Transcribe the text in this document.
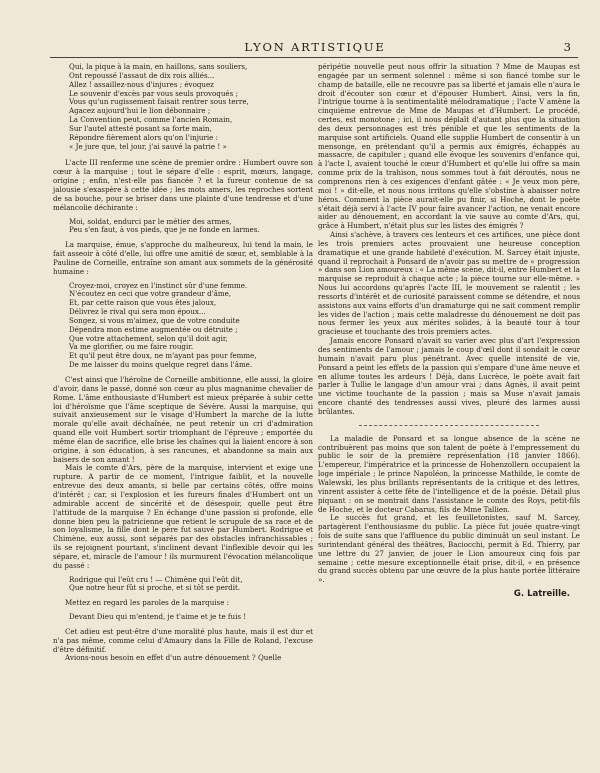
LYON ARTISTIQUE	3

Qui, la pique à la main, en haillons, sans souliers,

Ont repoussé l'assaut de dix rois alliés...

Allez ! assaillez-nous d'injures ; évoquez

Le souvenir d'excès par vous seuls provoqués ;

Vous qu'un rugissement faisait rentrer sous terre,

Agacez aujourd'hui le lion débonnaire ;

La Convention peut, comme l'ancien Romain,

Sur l'autel attesté posant sa forte main,

Répondre fièrement alors qu'on l'injurie :

« Je jure que, tel jour, j'ai sauvé la patrie ! »

L'acte III renferme une scène de premier ordre : Humbert ouvre son cœur à la marquise ; tout le sépare d'elle : esprit, mœurs, langage, origine ; enfin, n'est-elle pas fiancée ? et la fureur contenue de sa jalousie s'exaspère à cette idée ; les mots amers, les reproches sortent de sa bouche, pour se briser dans une plainte d'une tendresse et d'une mélancolie déchirante :

Moi, soldat, endurci par le métier des armes,

Peu s'en faut, à vos pieds, que je ne fonde en larmes.

La marquise, émue, s'approche du malheureux, lui tend la main, le fait asseoir à côté d'elle, lui offre une amitié de sœur, et, semblable à la Pauline de Corneille, entraîne son amant aux sommets de la générosité humaine :

Croyez-moi, croyez en l'instinct sûr d'une femme.

N'écoutez en ceci que votre grandeur d'âme,

Et, par cette raison que vous êtes jaloux,

Délivrez le rival qui sera mon époux...

Songez, si vous m'aimez, que de votre conduite

Dépendra mon estime augmentée ou détruite ;

Que votre attachement, selon qu'il doit agir,

Va me glorifier, ou me faire rougir.

Et qu'il peut être doux, ne m'ayant pas pour femme,

De me laisser du moins quelque regret dans l'âme.

C'est ainsi que l'héroïne de Corneille ambitionne, elle aussi, la gloire d'avoir, dans le passé, donné son cœur au plus magnanime chevalier de Rome. L'âme enthousiaste d'Humbert est mieux préparée à subir cette loi d'héroïsme que l'âme sceptique de Sévère. Aussi la marquise, qui suivait anxieusement sur le visage d'Humbert la marche de la lutte morale qu'elle avait déchaînée, ne peut retenir un cri d'admiration quand elle voit Humbert sortir triomphant de l'épreuve ; emportée du même élan de sacrifice, elle brise les chaînes qui la liaient encore à son origine, à son éducation, à ses rancunes, et abandonne sa main aux baisers de son amant !

Mais le comte d'Ars, père de la marquise, intervient et exige une rupture. A partir de ce moment, l'intrigue faiblit, et la nouvelle entrevue des deux amants, si belle par certains côtés, offre moins d'intérêt ; car, si l'explosion et les fureurs finales d'Humbert ont un admirable accent de sincérité et de désespoir, quelle peut être l'attitude de la marquise ? En échange d'une passion si profonde, elle donne bien peu la patricienne que retient le scrupule de sa race et de son loyalisme, la fille dont le père fut sauvé par Humbert. Rodrigue et Chimène, eux aussi, sont séparés par des obstacles infranchissables ; ils se rejoignent pourtant, s'inclinent devant l'inflexible devoir qui les sépare, et, miracle de l'amour ! ils murmurent l'évocation mélancolique du passé :

Rodrigue qui l'eût cru ! — Chimène qui l'eût dit,

Que notre heur fût si proche, et si tôt se perdit.

Mettez en regard les paroles de la marquise :

Devant Dieu qui m'entend, je t'aime et je te fuis !

Cet adieu est peut-être d'une moralité plus haute, mais il est dur et n'a pas même, comme celui d'Amaury dans la Fille de Roland, l'excuse d'être définitif.

Avions-nous besoin en effet d'un autre dénouement ? Quelle

péripétie nouvelle peut nous offrir la situation ? Mme de Maupas est engagée par un serment solennel : même si son fiancé tombe sur le champ de bataille, elle ne recouvre pas sa liberté et jamais elle n'aura le droit d'écouter son cœur et d'épouser Humbert. Ainsi, vers la fin, l'intrigue tourne à la sentimentalité mélodramatique ; l'acte V amène la cinquième entrevue de Mme de Maupas et d'Humbert. Le procédé, certes, est monotone ; ici, il nous déplaît d'autant plus que la situation des deux personnages est très pénible et que les sentiments de la marquise sont artificiels. Quand elle supplie Humbert de consentir à un mensonge, en prétendant qu'il a permis aux émigrés, échappés au massacre, de capituler ; quand elle évoque les souvenirs d'enfance qui, à l'acte I, avaient touché le cœur d'Humbert et qu'elle lui offre sa main comme prix de la trahison, nous sommes tout à fait déroutés, nous ne comprenons rien à ces exigences d'enfant gâtée : « Je veux mon père, moi ! » dit-elle, et nous nous irritons qu'elle s'obstine à abaisser notre héros. Comment la pièce aurait-elle pu finir, si Hoche, dont le poète s'était déjà servi à l'acte IV pour faire avancer l'action, ne venait encore aider au dénouement, en accordant la vie sauve au comte d'Ars, qui, grâce à Humbert, n'était plus sur les listes des émigrés ?

Ainsi s'achève, à travers ces lenteurs et ces artifices, une pièce dont les trois premiers actes prouvaient une heureuse conception dramatique et une grande habileté d'exécution. M. Sarcey était injuste, quand il reprochait à Ponsard de n'avoir pas su mettre de « progression » dans son Lion amoureux : « La même scène, dit-il, entre Humbert et la marquise se reproduit à chaque acte ; la pièce tourne sur elle-même. » Nous lui accordons qu'après l'acte III, le mouvement se ralentit ; les ressorts d'intérêt et de curiosité paraissent comme se détendre, et nous assistons aux vains efforts d'un dramaturge qui ne sait comment remplir les vides de l'action ; mais cette maladresse du dénouement ne doit pas nous fermer les yeux aux mérites solides, à la beauté tour à tour gracieuse et touchante des trois premiers actes.

Jamais encore Ponsard n'avait su varier avec plus d'art l'expression des sentiments de l'amour ; jamais le coup d'œil dont il sondait le cœur humain n'avait paru plus pénétrant. Avec quelle intensité de vie, Ponsard a peint les effets de la passion qui s'empare d'une âme neuve et en allume toutes les ardeurs ! Déjà, dans Lucrèce, le poète avait fait parler à Tullie le langage d'un amour vrai ; dans Agnès, il avait peint une victime touchante de la passion ; mais sa Muse n'avait jamais encore chanté des tendresses aussi vives, pleuré des larmes aussi brûlantes.

La maladie de Ponsard et sa longue absence de la scène ne contribuèrent pas moins que son talent de poète à l'empressement du public le soir de la première représentation (18 janvier 1866). L'empereur, l'impératrice et la princesse de Hohenzollern occupaient la loge impériale ; le prince Napoléon, la princesse Mathilde, le comte de Walewski, les plus brillants représentants de la critique et des lettres, vinrent assister à cette fête de l'intelligence et de la poésie. Détail plus piquant : on se montrait dans l'assistance le comte des Roys, petit-fils de Hoche, et le docteur Cabarus, fils de Mme Tallien.

Le succès fut grand, et les feuilletonistes, sauf M. Sarcey, partagèrent l'enthousiasme du public. La pièce fut jouée quatre-vingt fois de suite sans que l'affluence du public diminuât un seul instant. Le surintendant général des théâtres, Baciocchi, permit à Ed. Thierry, par une lettre du 27 janvier, de jouer le Lion amoureux cinq fois par semaine ; cette mesure exceptionnelle était prise, dit-il, « en présence du grand succès obtenu par une œuvre de la plus haute portée littéraire ».

G. Latreille.
